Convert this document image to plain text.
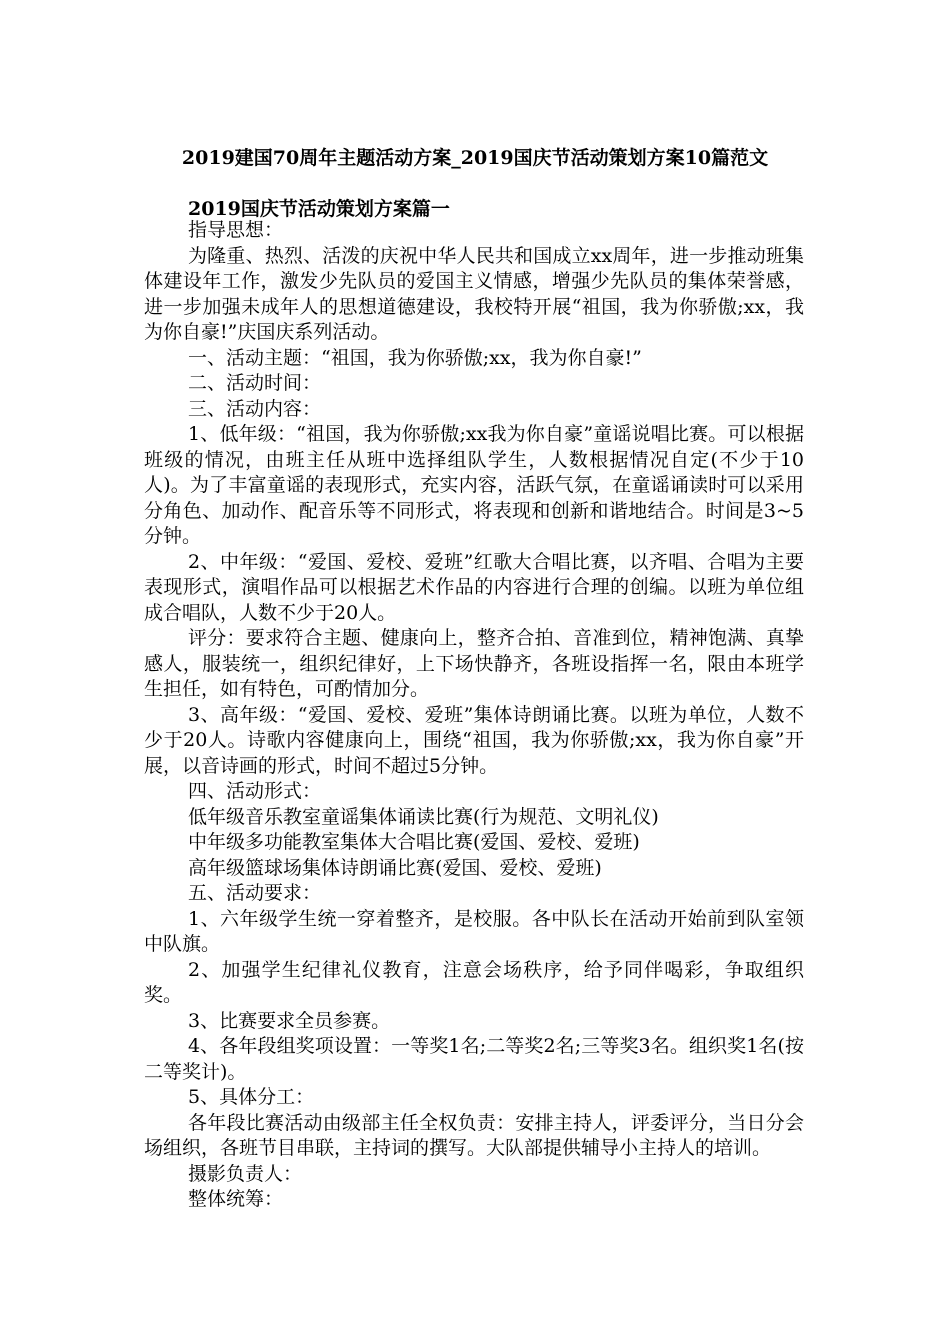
2019建国70周年主题活动方案_2019国庆节活动策划方案10篇范文
2019国庆节活动策划方案篇一

指导思想：

为隆重、热烈、活泼的庆祝中华人民共和国成立xx周年，进一步推动班集体建设年工作，激发少先队员的爱国主义情感，增强少先队员的集体荣誉感，进一步加强未成年人的思想道德建设，我校特开展“祖国，我为你骄傲;xx，我为你自豪!”庆国庆系列活动。

一、活动主题：“祖国，我为你骄傲;xx，我为你自豪!”

二、活动时间：

三、活动内容：

1、低年级：“祖国，我为你骄傲;xx我为你自豪”童谣说唱比赛。可以根据班级的情况，由班主任从班中选择组队学生，人数根据情况自定(不少于10人)。为了丰富童谣的表现形式，充实内容，活跃气氛，在童谣诵读时可以采用分角色、加动作、配音乐等不同形式，将表现和创新和谐地结合。时间是3~5分钟。

2、中年级：“爱国、爱校、爱班”红歌大合唱比赛，以齐唱、合唱为主要表现形式，演唱作品可以根据艺术作品的内容进行合理的创编。以班为单位组成合唱队，人数不少于20人。

评分：要求符合主题、健康向上，整齐合拍、音准到位，精神饱满、真挚感人，服装统一，组织纪律好，上下场快静齐，各班设指挥一名，限由本班学生担任，如有特色，可酌情加分。

3、高年级：“爱国、爱校、爱班”集体诗朗诵比赛。以班为单位，人数不少于20人。诗歌内容健康向上，围绕“祖国，我为你骄傲;xx，我为你自豪”开展，以音诗画的形式，时间不超过5分钟。

四、活动形式：

低年级音乐教室童谣集体诵读比赛(行为规范、文明礼仪)

中年级多功能教室集体大合唱比赛(爱国、爱校、爱班)

高年级篮球场集体诗朗诵比赛(爱国、爱校、爱班)

五、活动要求：

1、六年级学生统一穿着整齐，是校服。各中队长在活动开始前到队室领中队旗。

2、加强学生纪律礼仪教育，注意会场秩序，给予同伴喝彩，争取组织奖。

3、比赛要求全员参赛。

4、各年段组奖项设置：一等奖1名;二等奖2名;三等奖3名。组织奖1名(按二等奖计)。

5、具体分工：

各年段比赛活动由级部主任全权负责：安排主持人，评委评分，当日分会场组织，各班节目串联，主持词的撰写。大队部提供辅导小主持人的培训。

摄影负责人：

整体统筹：
